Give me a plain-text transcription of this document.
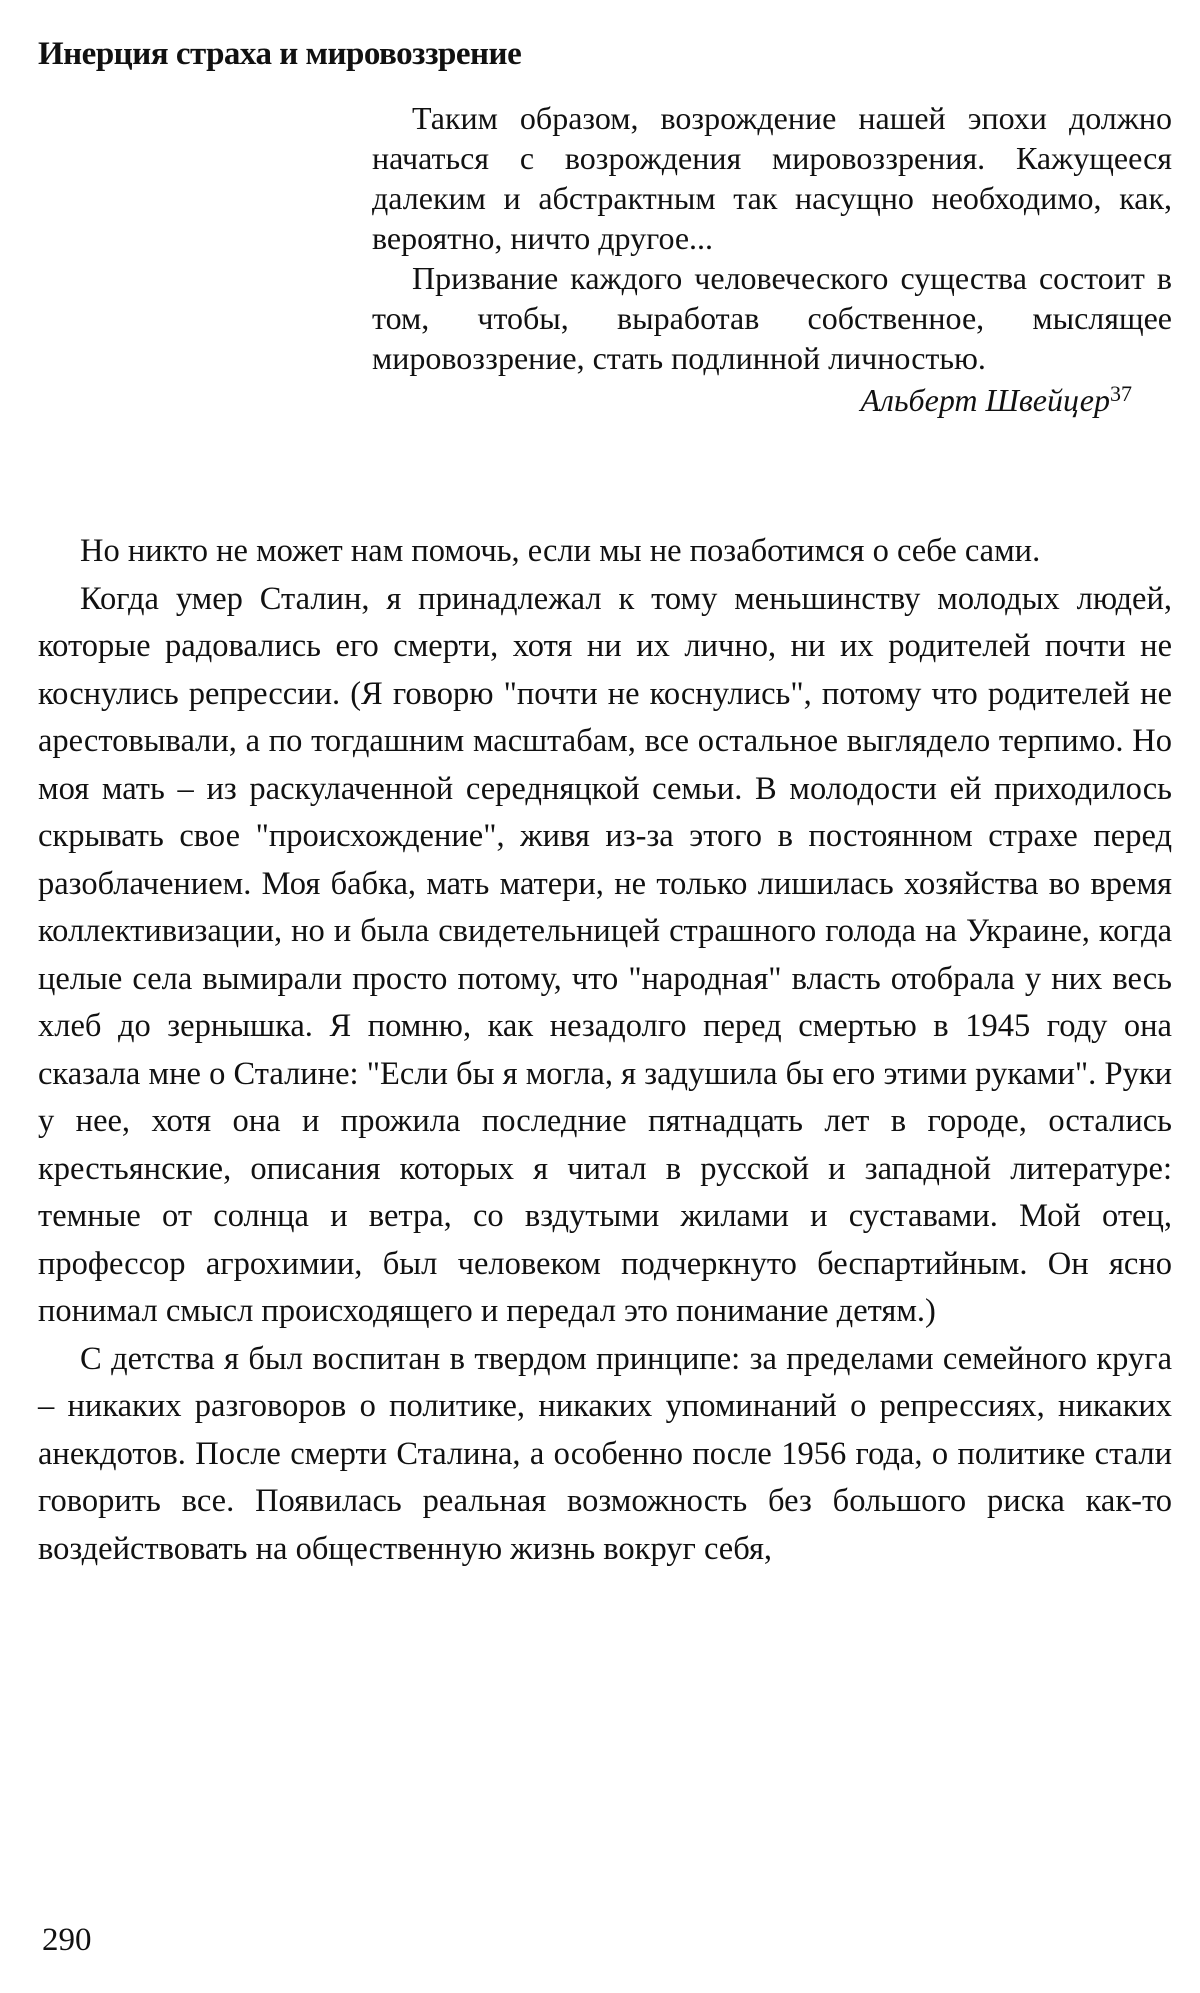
Инерция страха и мировоззрение

Таким образом, возрождение нашей эпохи должно начаться с возрождения мировоззрения. Кажущееся далеким и абстрактным так насущно необходимо, как, вероятно, ничто другое...

Призвание каждого человеческого существа состоит в том, чтобы, выработав собственное, мыслящее мировоззрение, стать подлинной личностью.

Альберт Швейцер$^{37}$

Но никто не может нам помочь, если мы не позаботимся о себе сами.

Когда умер Сталин, я принадлежал к тому меньшинству молодых людей, которые радовались его смерти, хотя ни их лично, ни их родителей почти не коснулись репрессии. (Я говорю "почти не коснулись", потому что родителей не арестовывали, а по тогдашним масштабам, все остальное выглядело терпимо. Но моя мать – из раскулаченной середняцкой семьи. В молодости ей приходилось скрывать свое "происхождение", живя из-за этого в постоянном страхе перед разоблачением. Моя бабка, мать матери, не только лишилась хозяйства во время коллективизации, но и была свидетельницей страшного голода на Украине, когда целые села вымирали просто потому, что "народная" власть отобрала у них весь хлеб до зернышка. Я помню, как незадолго перед смертью в 1945 году она сказала мне о Сталине: "Если бы я могла, я задушила бы его этими руками". Руки у нее, хотя она и прожила последние пятнадцать лет в городе, остались крестьянские, описания которых я читал в русской и западной литературе: темные от солнца и ветра, со вздутыми жилами и суставами. Мой отец, профессор агрохимии, был человеком подчеркнуто беспартийным. Он ясно понимал смысл происходящего и передал это понимание детям.)

С детства я был воспитан в твердом принципе: за пределами семейного круга – никаких разговоров о политике, никаких упоминаний о репрессиях, никаких анекдотов. После смерти Сталина, а особенно после 1956 года, о политике стали говорить все. Появилась реальная возможность без большого риска как-то воздействовать на общественную жизнь вокруг себя,

290
